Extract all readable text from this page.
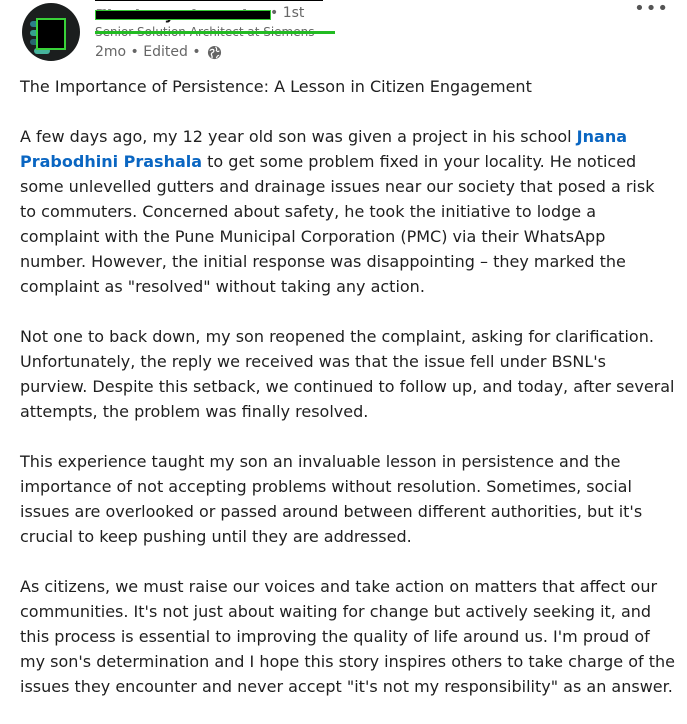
• 1st
2mo • Edited •
•••

The Importance of Persistence: A Lesson in Citizen Engagement

A few days ago, my 12 year old son was given a project in his school Jnana Prabodhini Prashala to get some problem fixed in your locality. He noticed some unlevelled gutters and drainage issues near our society that posed a risk to commuters. Concerned about safety, he took the initiative to lodge a complaint with the Pune Municipal Corporation (PMC) via their WhatsApp number. However, the initial response was disappointing – they marked the complaint as "resolved" without taking any action.

Not one to back down, my son reopened the complaint, asking for clarification. Unfortunately, the reply we received was that the issue fell under BSNL's purview. Despite this setback, we continued to follow up, and today, after several attempts, the problem was finally resolved.

This experience taught my son an invaluable lesson in persistence and the importance of not accepting problems without resolution. Sometimes, social issues are overlooked or passed around between different authorities, but it's crucial to keep pushing until they are addressed.

As citizens, we must raise our voices and take action on matters that affect our communities. It's not just about waiting for change but actively seeking it, and this process is essential to improving the quality of life around us. I'm proud of my son's determination and I hope this story inspires others to take charge of the issues they encounter and never accept "it's not my responsibility" as an answer.
